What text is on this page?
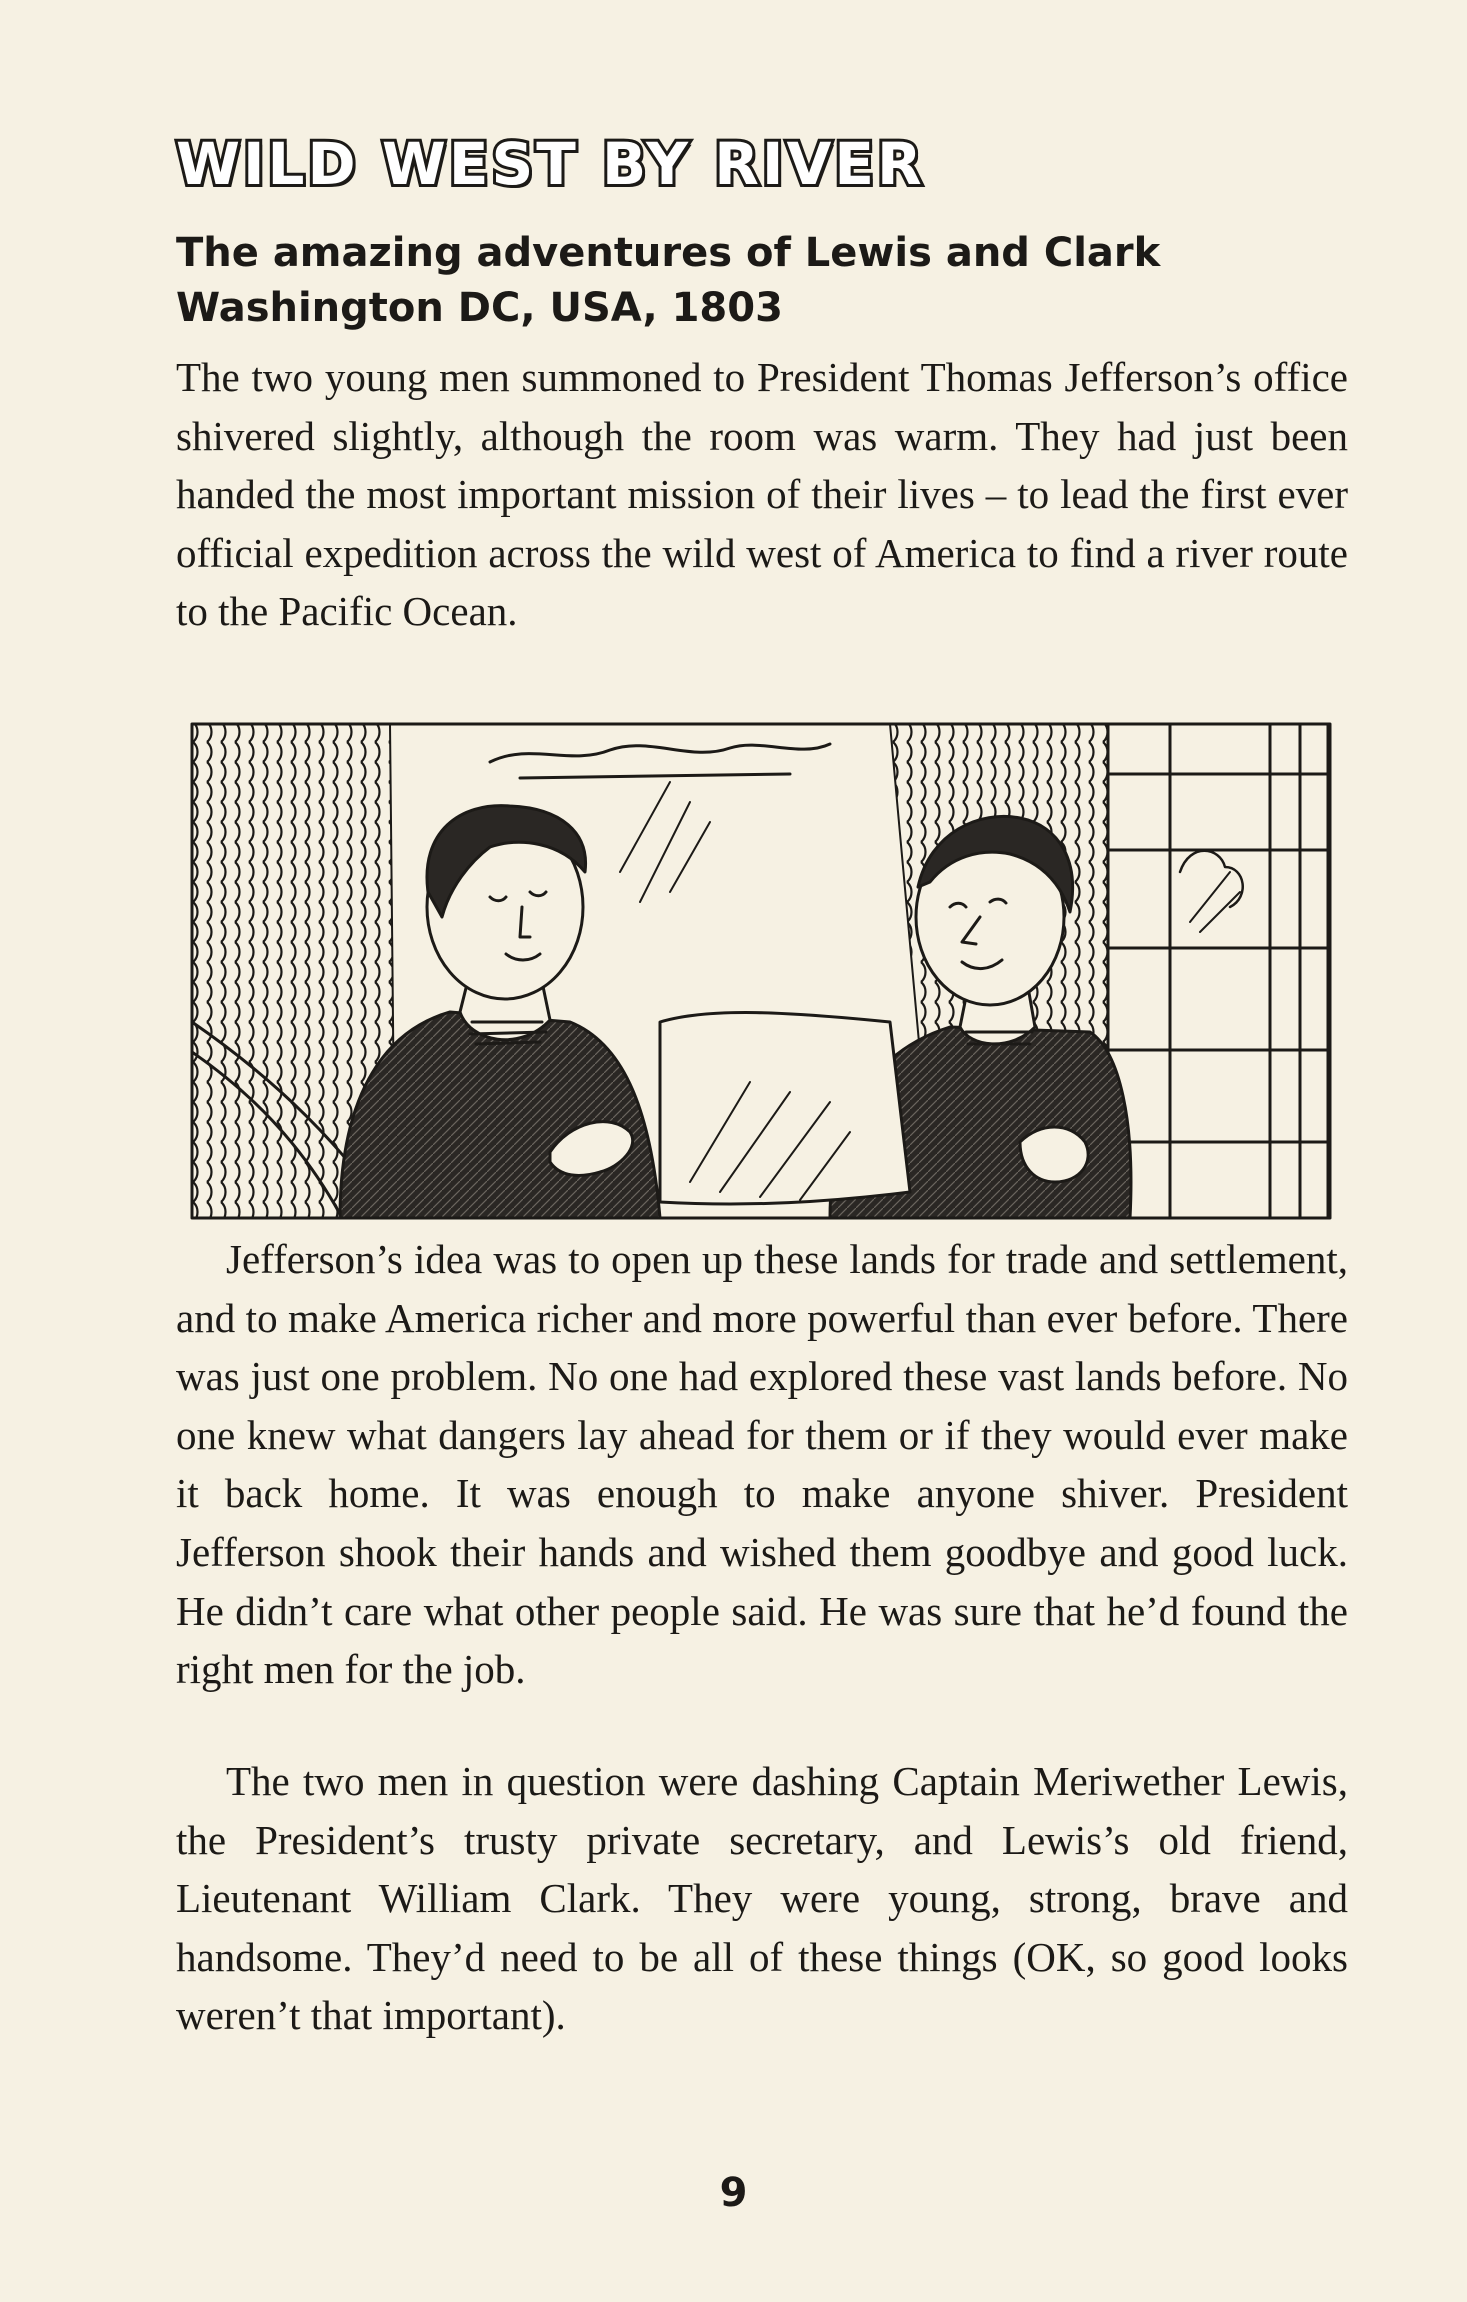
WILD WEST BY RIVER
The amazing adventures of Lewis and Clark
Washington DC, USA, 1803

The two young men summoned to President Thomas Jefferson’s office shivered slightly, although the room was warm. They had just been handed the most important mission of their lives – to lead the first ever official expedition across the wild west of America to find a river route to the Pacific Ocean.

Jefferson’s idea was to open up these lands for trade and settlement, and to make America richer and more powerful than ever before. There was just one problem. No one had explored these vast lands before. No one knew what dangers lay ahead for them or if they would ever make it back home. It was enough to make anyone shiver. President Jefferson shook their hands and wished them goodbye and good luck. He didn’t care what other people said. He was sure that he’d found the right men for the job.

The two men in question were dashing Captain Meriwether Lewis, the President’s trusty private secretary, and Lewis’s old friend, Lieutenant William Clark. They were young, strong, brave and handsome. They’d need to be all of these things (OK, so good looks weren’t that important).

9
